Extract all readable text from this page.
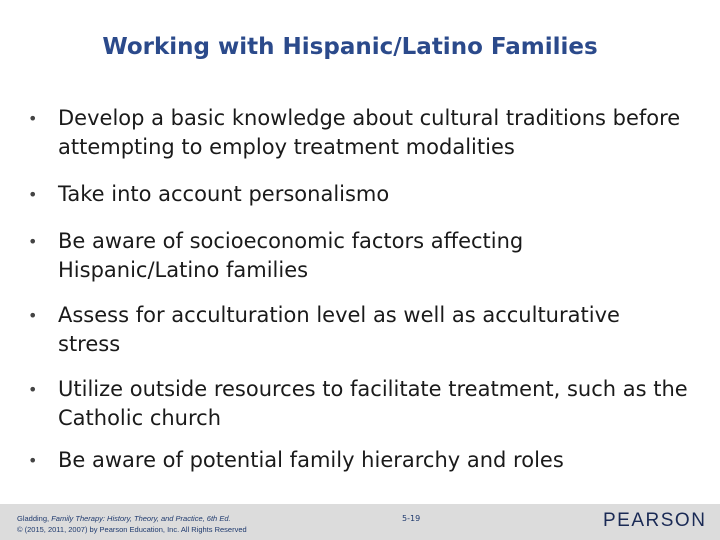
Working with Hispanic/Latino Families
• Develop a basic knowledge about cultural traditions before attempting to employ treatment modalities
• Take into account personalismo
• Be aware of socioeconomic factors affecting Hispanic/Latino families
• Assess for acculturation level as well as acculturative stress
• Utilize outside resources to facilitate treatment, such as the Catholic church
• Be aware of potential family hierarchy and roles
Gladding, Family Therapy: History, Theory, and Practice, 6th Ed.
© (2015, 2011, 2007) by Pearson Education, Inc. All Rights Reserved
5-19	PEARSON
